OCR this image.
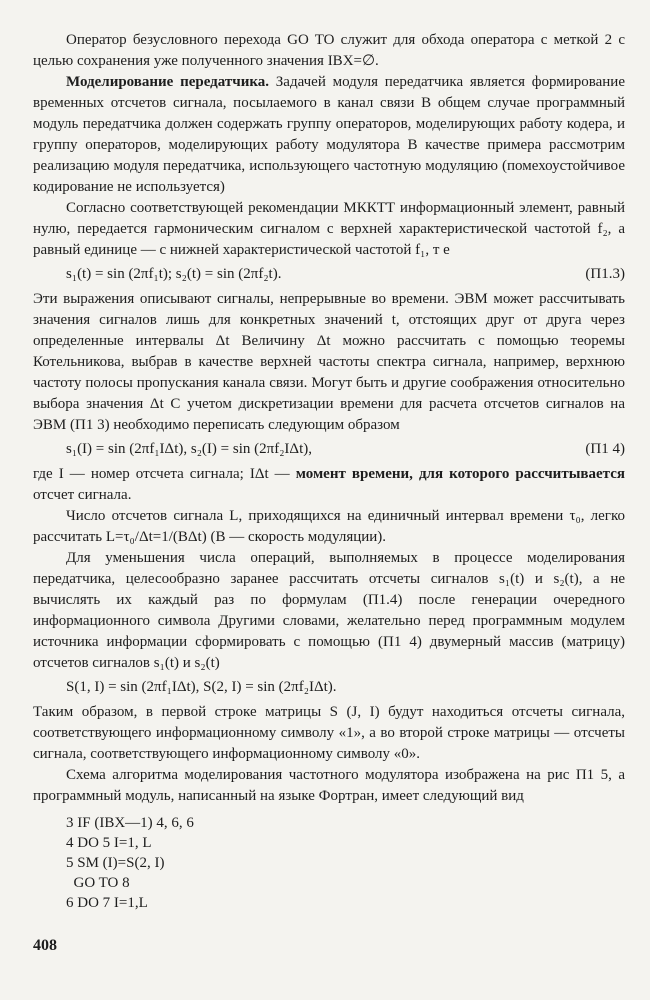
Оператор безусловного перехода GO TO служит для обхода оператора с меткой 2 с целью сохранения уже полученного значения IBX=∅.

Моделирование передатчика. Задачей модуля передатчика является формирование временных отсчетов сигнала, посылаемого в канал связи В общем случае программный модуль передатчика должен содержать группу операторов, моделирующих работу кодера, и группу операторов, моделирующих работу модулятора В качестве примера рассмотрим реализацию модуля передатчика, использующего частотную модуляцию (помехоустойчивое кодирование не используется)

Согласно соответствующей рекомендации МККТТ информационный элемент, равный нулю, передается гармоническим сигналом с верхней характеристической частотой f₂, а равный единице — с нижней характеристической частотой f₁, т е

s₁(t) = sin (2πf₁t); s₂(t) = sin (2πf₂t).	(П1.3)

Эти выражения описывают сигналы, непрерывные во времени. ЭВМ может рассчитывать значения сигналов лишь для конкретных значений t, отстоящих друг от друга через определенные интервалы Δt Величину Δt можно рассчитать с помощью теоремы Котельникова, выбрав в качестве верхней частоты спектра сигнала, например, верхнюю частоту полосы пропускания канала связи. Могут быть и другие соображения относительно выбора значения Δt С учетом дискретизации времени для расчета отсчетов сигналов на ЭВМ (П1 3) необходимо переписать следующим образом

s₁(I) = sin (2πf₁IΔt), s₂(I) = sin (2πf₂IΔt),	(П1 4)

где I — номер отсчета сигнала; IΔt — момент времени, для которого рассчитывается отсчет сигнала.

Число отсчетов сигнала L, приходящихся на единичный интервал времени τ₀, легко рассчитать L=τ₀/Δt=1/(BΔt) (B — скорость модуляции).

Для уменьшения числа операций, выполняемых в процессе моделирования передатчика, целесообразно заранее рассчитать отсчеты сигналов s₁(t) и s₂(t), а не вычислять их каждый раз по формулам (П1.4) после генерации очередного информационного символа Другими словами, желательно перед программным модулем источника информации сформировать с помощью (П1 4) двумерный массив (матрицу) отсчетов сигналов s₁(t) и s₂(t)

S(1, I) = sin (2πf₁IΔt), S(2, I) = sin (2πf₂IΔt).

Таким образом, в первой строке матрицы S (J, I) будут находиться отсчеты сигнала, соответствующего информационному символу «1», а во второй строке матрицы — отсчеты сигнала, соответствующего информационному символу «0».

Схема алгоритма моделирования частотного модулятора изображена на рис П1 5, а программный модуль, написанный на языке Фортран, имеет следующий вид

3 IF (IBX—1) 4, 6, 6
4 DO 5 I=1, L
5 SM (I)=S(2, I)
GO TO 8
6 DO 7 I=1,L
408
